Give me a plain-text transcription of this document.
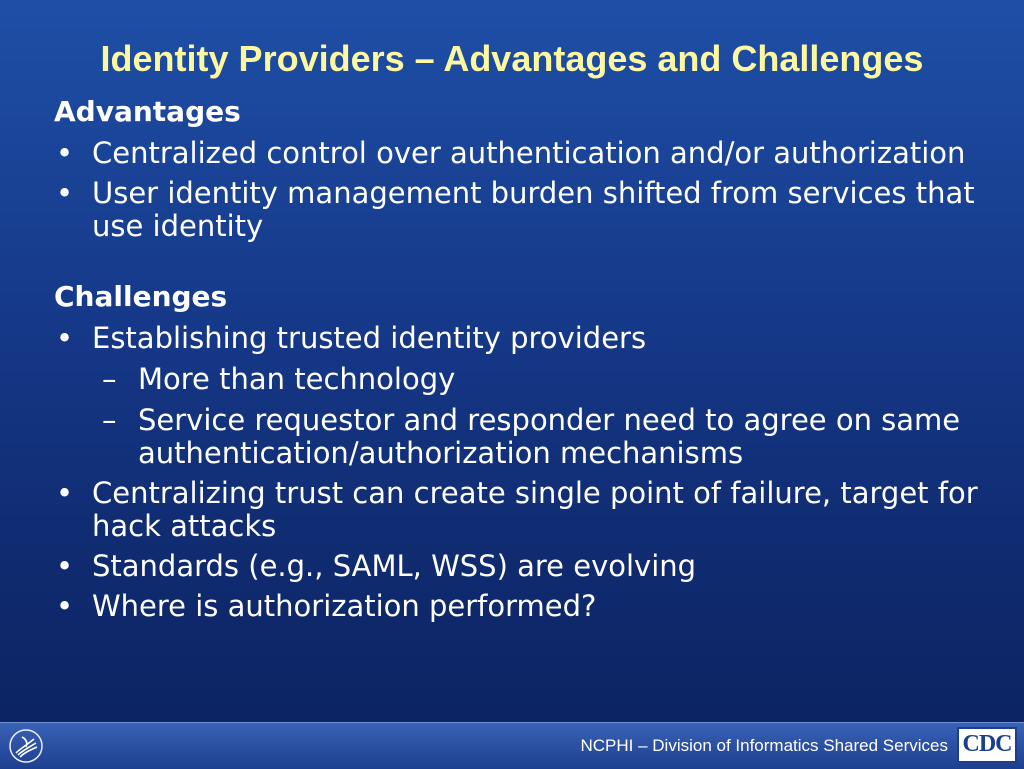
Identity Providers – Advantages and Challenges

Advantages

• Centralized control over authentication and/or authorization

• User identity management burden shifted from services that use identity

Challenges

• Establishing trusted identity providers

– More than technology

– Service requestor and responder need to agree on same authentication/authorization mechanisms

• Centralizing trust can create single point of failure, target for hack attacks

• Standards (e.g., SAML, WSS) are evolving

• Where is authorization performed?

NCPHI – Division of Informatics Shared Services CDC
